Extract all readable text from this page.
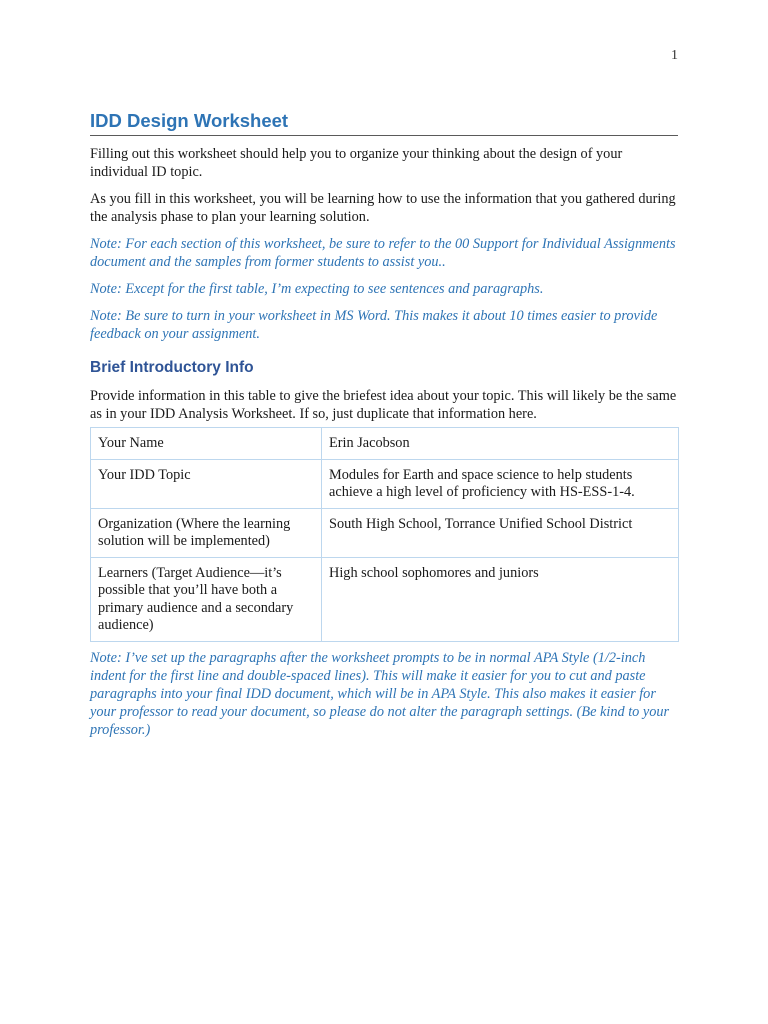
1
IDD Design Worksheet

Filling out this worksheet should help you to organize your thinking about the design of your individual ID topic.

As you fill in this worksheet, you will be learning how to use the information that you gathered during the analysis phase to plan your learning solution.

Note: For each section of this worksheet, be sure to refer to the 00 Support for Individual Assignments document and the samples from former students to assist you..

Note: Except for the first table, I’m expecting to see sentences and paragraphs.

Note: Be sure to turn in your worksheet in MS Word. This makes it about 10 times easier to provide feedback on your assignment.

Brief Introductory Info

Provide information in this table to give the briefest idea about your topic. This will likely be the same as in your IDD Analysis Worksheet. If so, just duplicate that information here.

Your Name	Erin Jacobson
Your IDD Topic	Modules for Earth and space science to help students achieve a high level of proficiency with HS-ESS-1-4.
Organization (Where the learning solution will be implemented)	South High School, Torrance Unified School District
Learners (Target Audience—it’s possible that you’ll have both a primary audience and a secondary audience)	High school sophomores and juniors

Note: I’ve set up the paragraphs after the worksheet prompts to be in normal APA Style (1/2-inch indent for the first line and double-spaced lines). This will make it easier for you to cut and paste paragraphs into your final IDD document, which will be in APA Style. This also makes it easier for your professor to read your document, so please do not alter the paragraph settings. (Be kind to your professor.)
